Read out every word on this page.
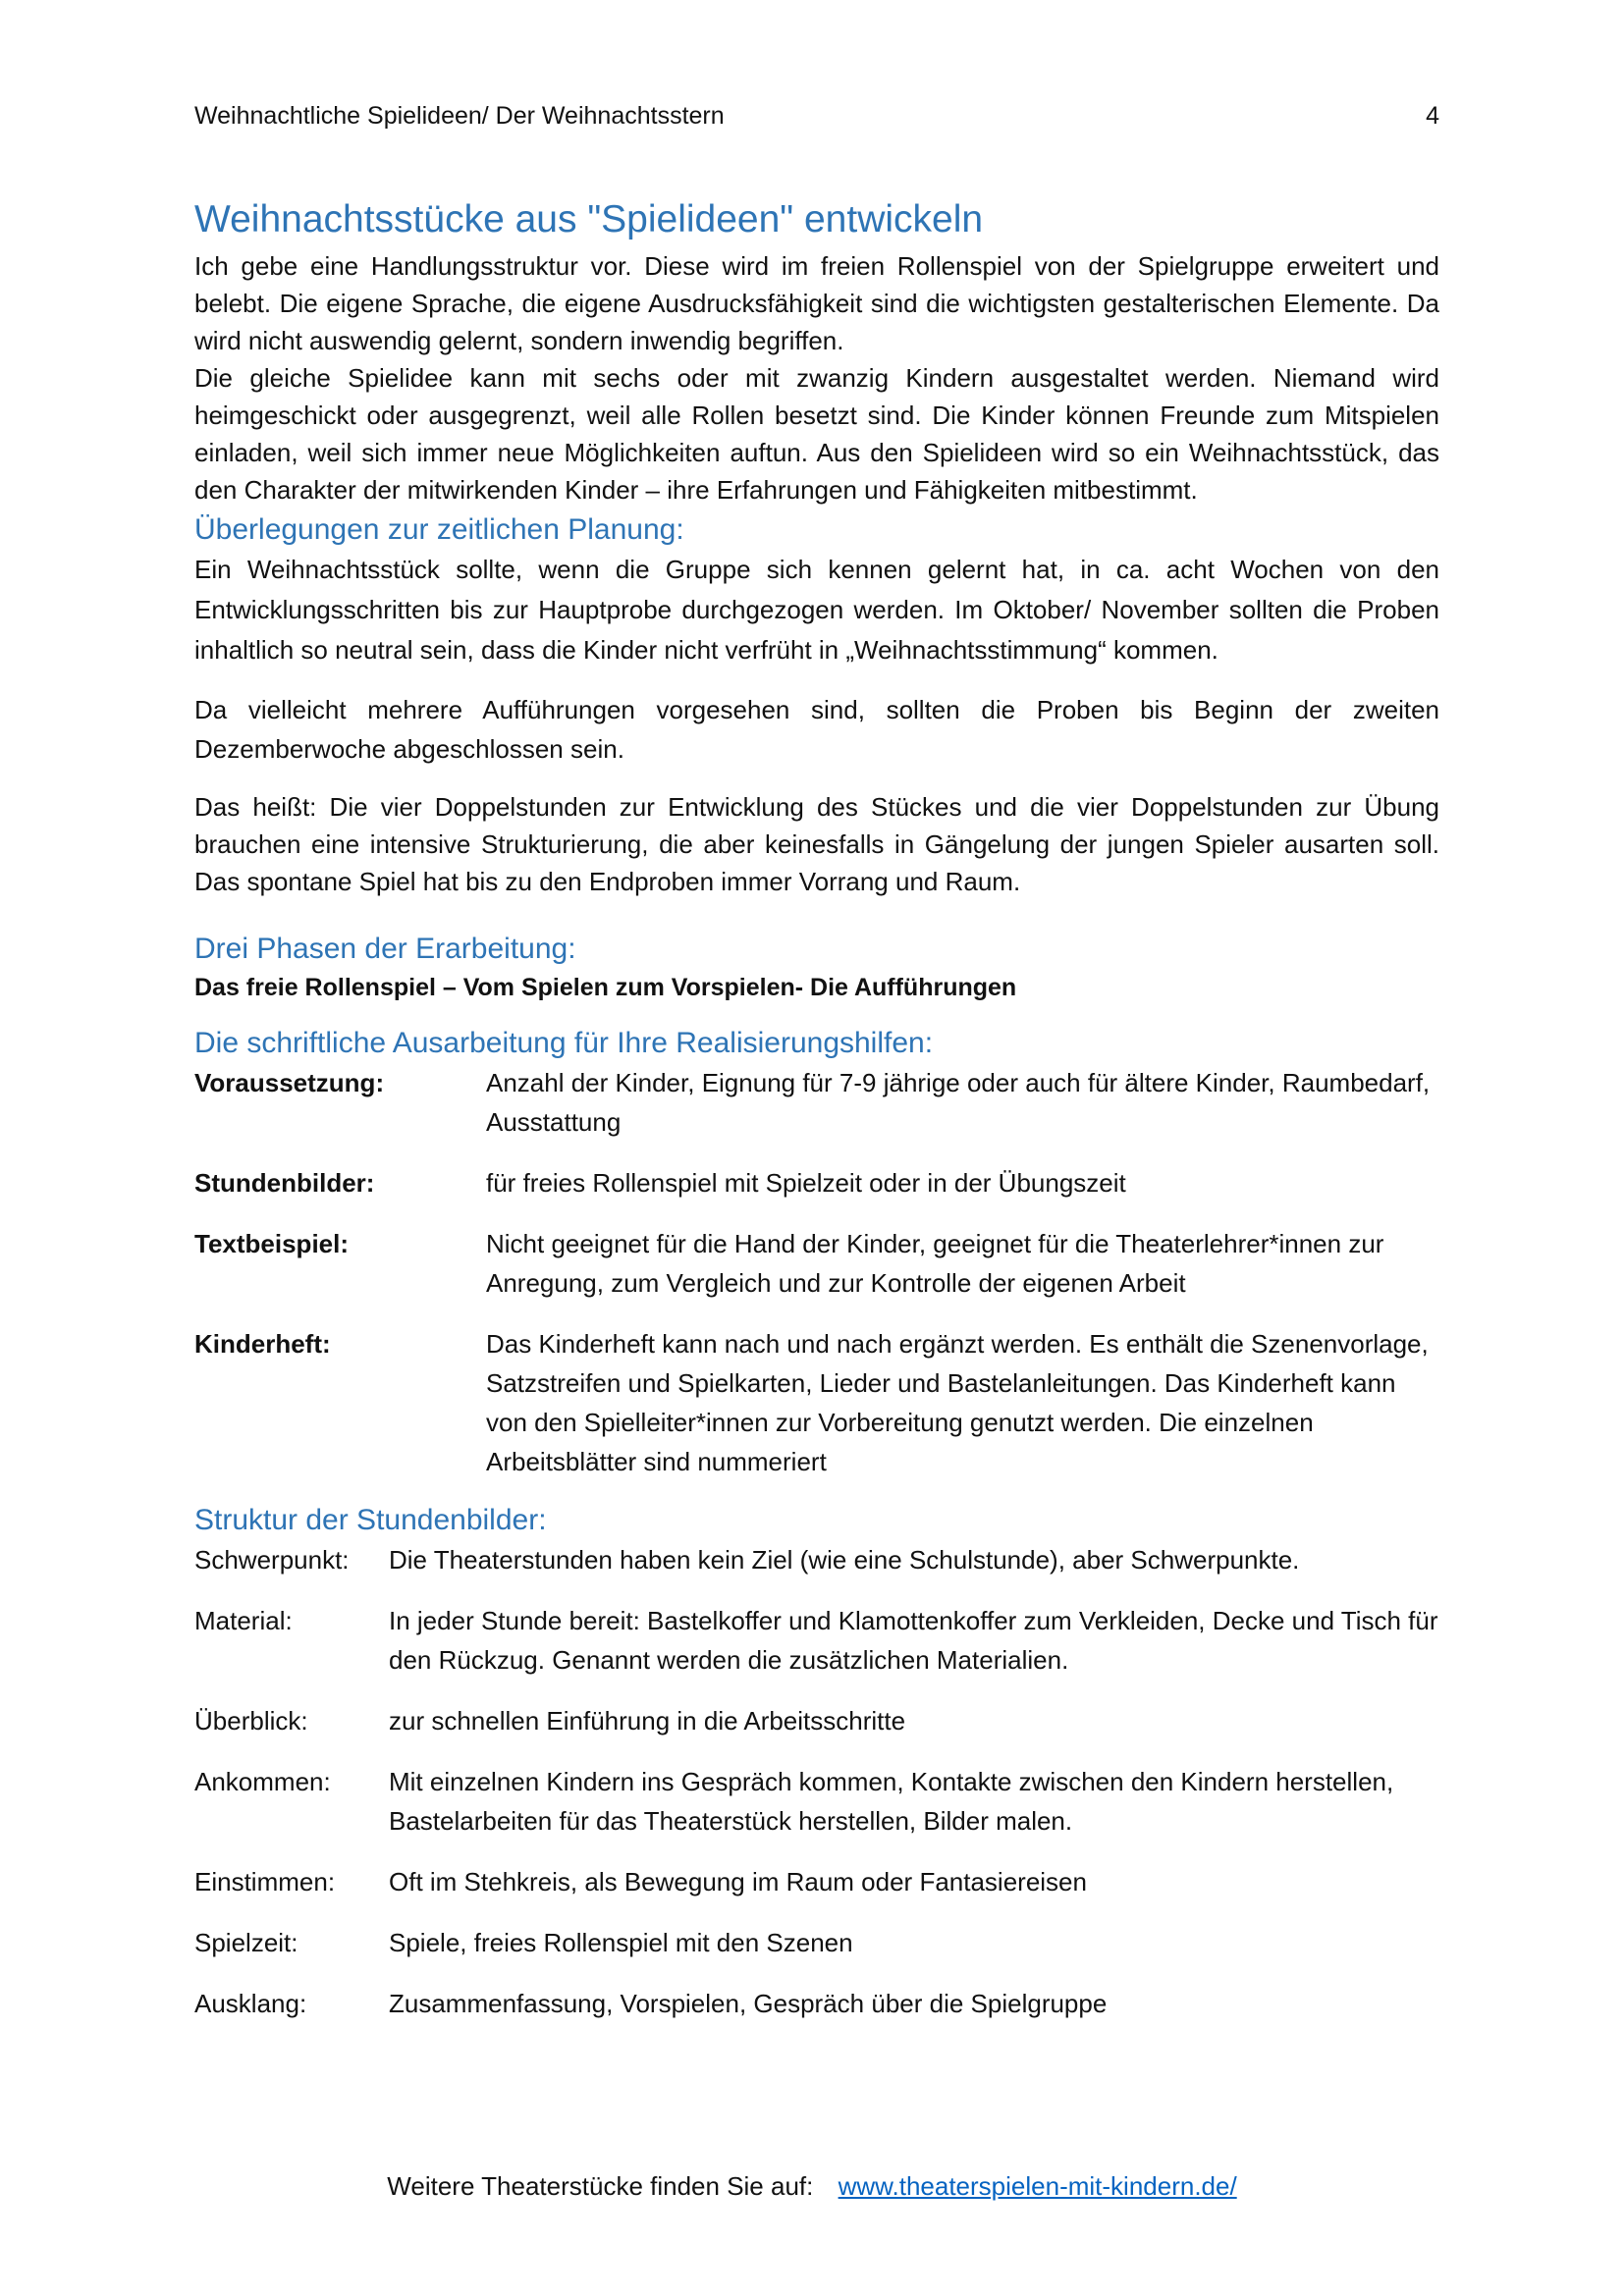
Weihnachtliche Spielideen/ Der Weihnachtsstern	4
Weihnachtsstücke aus "Spielideen" entwickeln

Ich gebe eine Handlungsstruktur vor. Diese wird im freien Rollenspiel von der Spielgruppe erweitert und belebt. Die eigene Sprache, die eigene Ausdrucksfähigkeit sind die wichtigsten gestalterischen Elemente. Da wird nicht auswendig gelernt, sondern inwendig begriffen.

Die gleiche Spielidee kann mit sechs oder mit zwanzig Kindern ausgestaltet werden. Niemand wird heimgeschickt oder ausgegrenzt, weil alle Rollen besetzt sind. Die Kinder können Freunde zum Mitspielen einladen, weil sich immer neue Möglichkeiten auftun. Aus den Spielideen wird so ein Weihnachtsstück, das den Charakter der mitwirkenden Kinder – ihre Erfahrungen und Fähigkeiten mitbestimmt.

Überlegungen zur zeitlichen Planung:

Ein Weihnachtsstück sollte, wenn die Gruppe sich kennen gelernt hat, in ca. acht Wochen von den Entwicklungsschritten bis zur Hauptprobe durchgezogen werden. Im Oktober/ November sollten die Proben inhaltlich so neutral sein, dass die Kinder nicht verfrüht in „Weihnachtsstimmung“ kommen.

Da vielleicht mehrere Aufführungen vorgesehen sind, sollten die Proben bis Beginn der zweiten Dezemberwoche abgeschlossen sein.

Das heißt: Die vier Doppelstunden zur Entwicklung des Stückes und die vier Doppelstunden zur Übung brauchen eine intensive Strukturierung, die aber keinesfalls in Gängelung der jungen Spieler ausarten soll. Das spontane Spiel hat bis zu den Endproben immer Vorrang und Raum.

Drei Phasen der Erarbeitung:

Das freie Rollenspiel – Vom Spielen zum Vorspielen- Die Aufführungen

Die schriftliche Ausarbeitung für Ihre Realisierungshilfen:
Voraussetzung:	Anzahl der Kinder, Eignung für 7-9 jährige oder auch für ältere Kinder, Raumbedarf, Ausstattung
Stundenbilder:	für freies Rollenspiel mit Spielzeit oder in der Übungszeit
Textbeispiel:	Nicht geeignet für die Hand der Kinder, geeignet für die Theaterlehrer*innen zur Anregung, zum Vergleich und zur Kontrolle der eigenen Arbeit
Kinderheft:	Das Kinderheft kann nach und nach ergänzt werden. Es enthält die Szenenvorlage, Satzstreifen und Spielkarten, Lieder und Bastelanleitungen. Das Kinderheft kann von den Spielleiter*innen zur Vorbereitung genutzt werden. Die einzelnen Arbeitsblätter sind nummeriert
Struktur der Stundenbilder:
Schwerpunkt:	Die Theaterstunden haben kein Ziel (wie eine Schulstunde), aber Schwerpunkte.
Material:	In jeder Stunde bereit: Bastelkoffer und Klamottenkoffer zum Verkleiden, Decke und Tisch für den Rückzug. Genannt werden die zusätzlichen Materialien.
Überblick:	zur schnellen Einführung in die Arbeitsschritte
Ankommen:	Mit einzelnen Kindern ins Gespräch kommen, Kontakte zwischen den Kindern herstellen, Bastelarbeiten für das Theaterstück herstellen, Bilder malen.
Einstimmen:	Oft im Stehkreis, als Bewegung im Raum oder Fantasiereisen
Spielzeit:	Spiele, freies Rollenspiel mit den Szenen
Ausklang:	Zusammenfassung, Vorspielen, Gespräch über die Spielgruppe
Weitere Theaterstücke finden Sie auf: www.theaterspielen-mit-kindern.de/
